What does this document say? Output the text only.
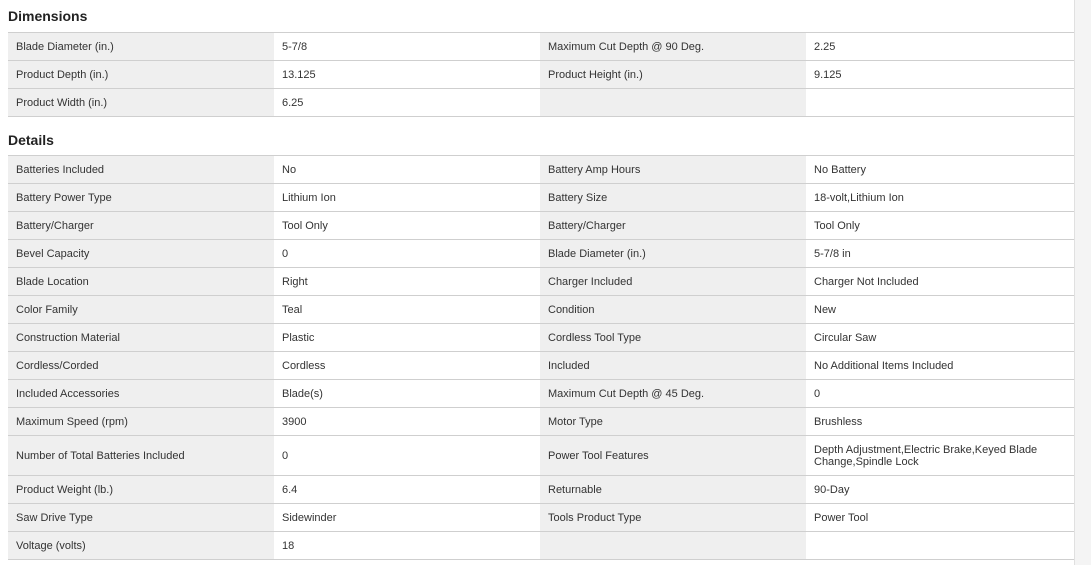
Dimensions
Blade Diameter (in.)	5-7/8	Maximum Cut Depth @ 90 Deg.	2.25
Product Depth (in.)	13.125	Product Height (in.)	9.125
Product Width (in.)	6.25		
Details
Batteries Included	No	Battery Amp Hours	No Battery
Battery Power Type	Lithium Ion	Battery Size	18-volt,Lithium Ion
Battery/Charger	Tool Only	Battery/Charger	Tool Only
Bevel Capacity	0	Blade Diameter (in.)	5-7/8 in
Blade Location	Right	Charger Included	Charger Not Included
Color Family	Teal	Condition	New
Construction Material	Plastic	Cordless Tool Type	Circular Saw
Cordless/Corded	Cordless	Included	No Additional Items Included
Included Accessories	Blade(s)	Maximum Cut Depth @ 45 Deg.	0
Maximum Speed (rpm)	3900	Motor Type	Brushless
Number of Total Batteries Included	0	Power Tool Features	Depth Adjustment,Electric Brake,Keyed Blade Change,Spindle Lock
Product Weight (lb.)	6.4	Returnable	90-Day
Saw Drive Type	Sidewinder	Tools Product Type	Power Tool
Voltage (volts)	18		
